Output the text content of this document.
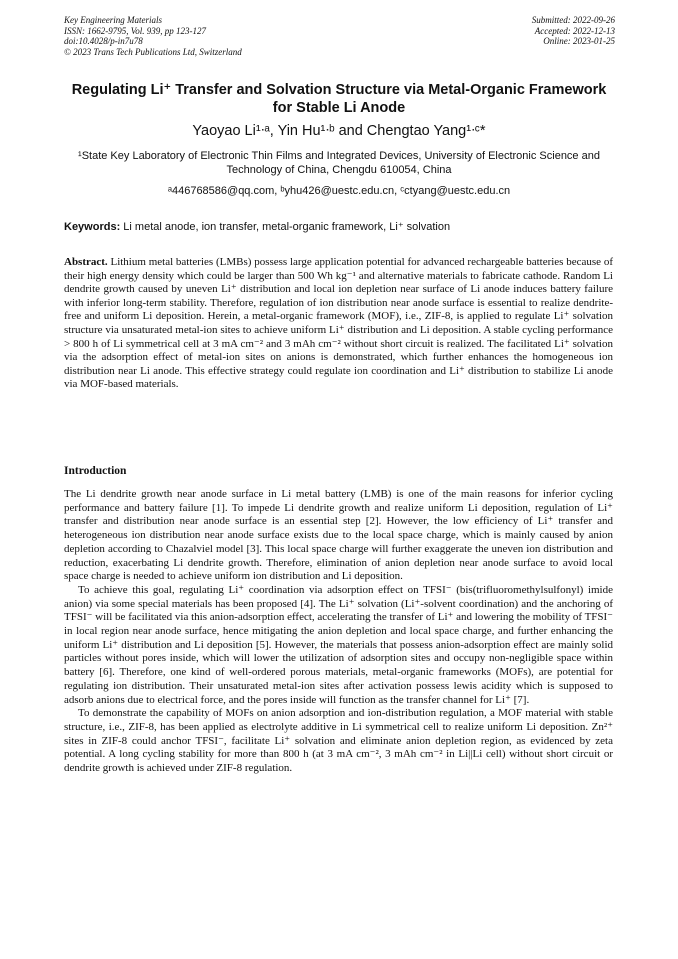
Key Engineering Materials
ISSN: 1662-9795, Vol. 939, pp 123-127
doi:10.4028/p-in7u78
© 2023 Trans Tech Publications Ltd, Switzerland
Submitted: 2022-09-26
Accepted: 2022-12-13
Online: 2023-01-25
Regulating Li⁺ Transfer and Solvation Structure via Metal-Organic Framework for Stable Li Anode
Yaoyao Li¹ᐧᵃ, Yin Hu¹ᐧᵇ and Chengtao Yang¹ᐧᶜ*
¹State Key Laboratory of Electronic Thin Films and Integrated Devices, University of Electronic Science and Technology of China, Chengdu 610054, China
ᵃ446768586@qq.com, ᵇyhu426@uestc.edu.cn, ᶜctyang@uestc.edu.cn
Keywords: Li metal anode, ion transfer, metal-organic framework, Li⁺ solvation
Abstract. Lithium metal batteries (LMBs) possess large application potential for advanced rechargeable batteries because of their high energy density which could be larger than 500 Wh kg⁻¹ and alternative materials to fabricate cathode. Random Li dendrite growth caused by uneven Li⁺ distribution and local ion depletion near surface of Li anode induces battery failure with inferior long-term stability. Therefore, regulation of ion distribution near anode surface is essential to realize dendrite-free and uniform Li deposition. Herein, a metal-organic framework (MOF), i.e., ZIF-8, is applied to regulate Li⁺ solvation structure via unsaturated metal-ion sites to achieve uniform Li⁺ distribution and Li deposition. A stable cycling performance > 800 h of Li symmetrical cell at 3 mA cm⁻² and 3 mAh cm⁻² without short circuit is realized. The facilitated Li⁺ solvation via the adsorption effect of metal-ion sites on anions is demonstrated, which further enhances the homogeneous ion distribution near Li anode. This effective strategy could regulate ion coordination and Li⁺ distribution to stabilize Li anode via MOF-based materials.
Introduction

The Li dendrite growth near anode surface in Li metal battery (LMB) is one of the main reasons for inferior cycling performance and battery failure [1]. To impede Li dendrite growth and realize uniform Li deposition, regulation of Li⁺ transfer and distribution near anode surface is an essential step [2]. However, the low efficiency of Li⁺ transfer and heterogeneous ion distribution near anode surface exists due to the local space charge, which is mainly caused by anion depletion according to Chazalviel model [3]. This local space charge will further exaggerate the uneven ion distribution and reduction, exacerbating Li dendrite growth. Therefore, elimination of anion depletion near anode surface to avoid local space charge is needed to achieve uniform ion distribution and Li deposition.

To achieve this goal, regulating Li⁺ coordination via adsorption effect on TFSI⁻ (bis(trifluoromethylsulfonyl) imide anion) via some special materials has been proposed [4]. The Li⁺ solvation (Li⁺-solvent coordination) and the anchoring of TFSI⁻ will be facilitated via this anion-adsorption effect, accelerating the transfer of Li⁺ and lowering the mobility of TFSI⁻ in local region near anode surface, hence mitigating the anion depletion and local space charge, and further enhancing the uniform Li⁺ distribution and Li deposition [5]. However, the materials that possess anion-adsorption effect are mainly solid particles without pores inside, which will lower the utilization of adsorption sites and occupy non-negligible space within battery [6]. Therefore, one kind of well-ordered porous materials, metal-organic frameworks (MOFs), are potential for regulating ion distribution. Their unsaturated metal-ion sites after activation possess lewis acidity which is supposed to adsorb anions due to electrical force, and the pores inside will function as the transfer channel for Li⁺ [7].

To demonstrate the capability of MOFs on anion adsorption and ion-distribution regulation, a MOF material with stable structure, i.e., ZIF-8, has been applied as electrolyte additive in Li symmetrical cell to realize uniform Li deposition. Zn²⁺ sites in ZIF-8 could anchor TFSI⁻, facilitate Li⁺ solvation and eliminate anion depletion region, as evidenced by zeta potential. A long cycling stability for more than 800 h (at 3 mA cm⁻², 3 mAh cm⁻² in Li||Li cell) without short circuit or dendrite growth is achieved under ZIF-8 regulation.
